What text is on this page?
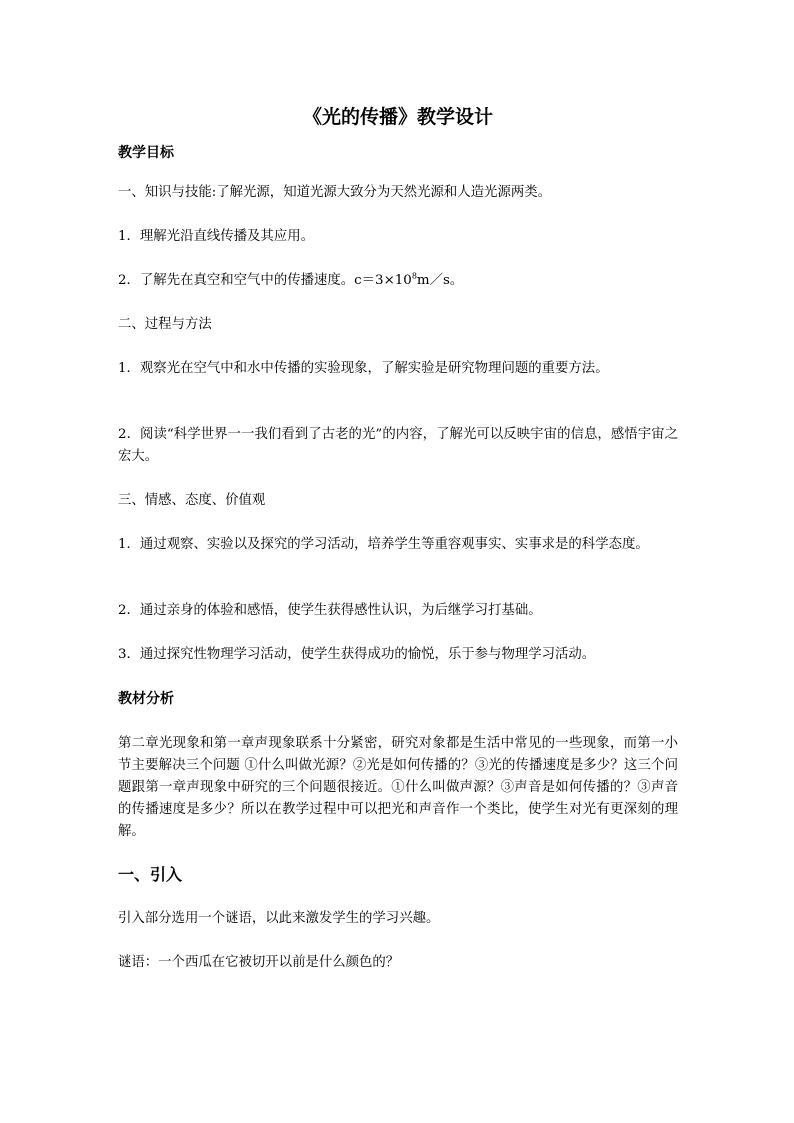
《光的传播》教学设计
教学目标
一、知识与技能:了解光源，知道光源大致分为天然光源和人造光源两类。
1．理解光沿直线传播及其应用。
2．了解先在真空和空气中的传播速度。$c=3\times 10^8m/s$。
二、过程与方法
1．观察光在空气中和水中传播的实验现象，了解实验是研究物理问题的重要方法。
2．阅读“科学世界一一我们看到了古老的光”的内容，了解光可以反映宇宙的信息，感悟宇宙之宏大。
三、情感、态度、价值观
1．通过观察、实验以及探究的学习活动，培养学生等重容观事实、实事求是的科学态度。
2．通过亲身的体验和感悟，使学生获得感性认识，为后继学习打基础。
3．通过探究性物理学习活动，使学生获得成功的愉悦，乐于参与物理学习活动。
教材分析
第二章光现象和第一章声现象联系十分紧密，研究对象都是生活中常见的一些现象，而第一小节主要解决三个问题 ①什么叫做光源？②光是如何传播的？③光的传播速度是多少？这三个问题跟第一章声现象中研究的三个问题很接近。①什么叫做声源？③声音是如何传播的？③声音的传播速度是多少？所以在教学过程中可以把光和声音作一个类比，使学生对光有更深刻的理解。
一、引入
引入部分选用一个谜语，以此来激发学生的学习兴趣。
谜语：一个西瓜在它被切开以前是什么颜色的？
